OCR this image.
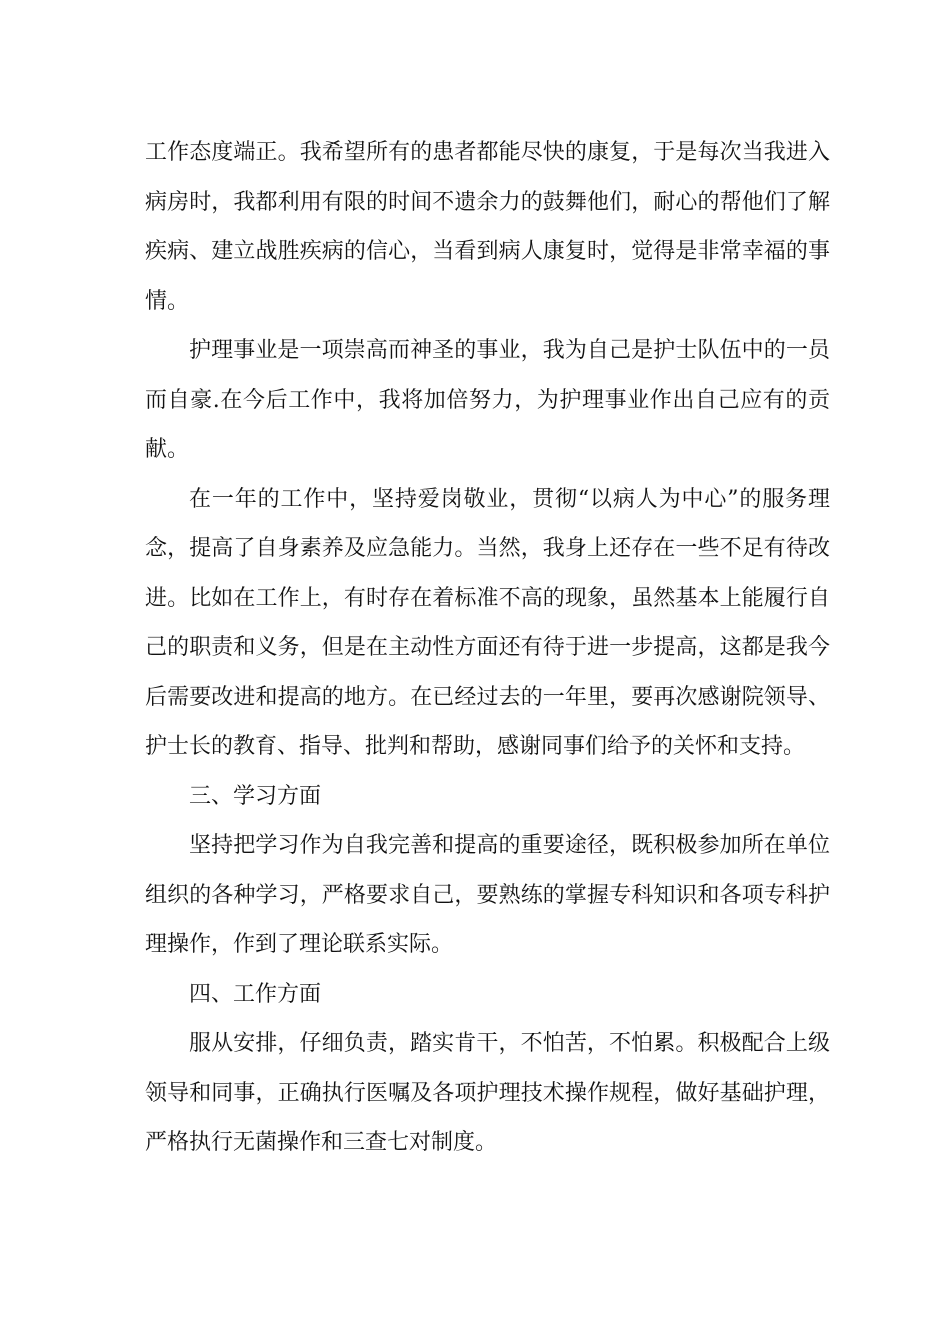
工作态度端正。我希望所有的患者都能尽快的康复，于是每次当我进入病房时，我都利用有限的时间不遗余力的鼓舞他们，耐心的帮他们了解疾病、建立战胜疾病的信心，当看到病人康复时，觉得是非常幸福的事情。

护理事业是一项崇高而神圣的事业，我为自己是护士队伍中的一员而自豪.在今后工作中，我将加倍努力，为护理事业作出自己应有的贡献。

在一年的工作中，坚持爱岗敬业，贯彻“以病人为中心”的服务理念，提高了自身素养及应急能力。当然，我身上还存在一些不足有待改进。比如在工作上，有时存在着标准不高的现象，虽然基本上能履行自己的职责和义务，但是在主动性方面还有待于进一步提高，这都是我今后需要改进和提高的地方。在已经过去的一年里，要再次感谢院领导、护士长的教育、指导、批判和帮助，感谢同事们给予的关怀和支持。

三、学习方面

坚持把学习作为自我完善和提高的重要途径，既积极参加所在单位组织的各种学习，严格要求自己，要熟练的掌握专科知识和各项专科护理操作，作到了理论联系实际。

四、工作方面

服从安排，仔细负责，踏实肯干，不怕苦，不怕累。积极配合上级领导和同事，正确执行医嘱及各项护理技术操作规程，做好基础护理，严格执行无菌操作和三查七对制度。
